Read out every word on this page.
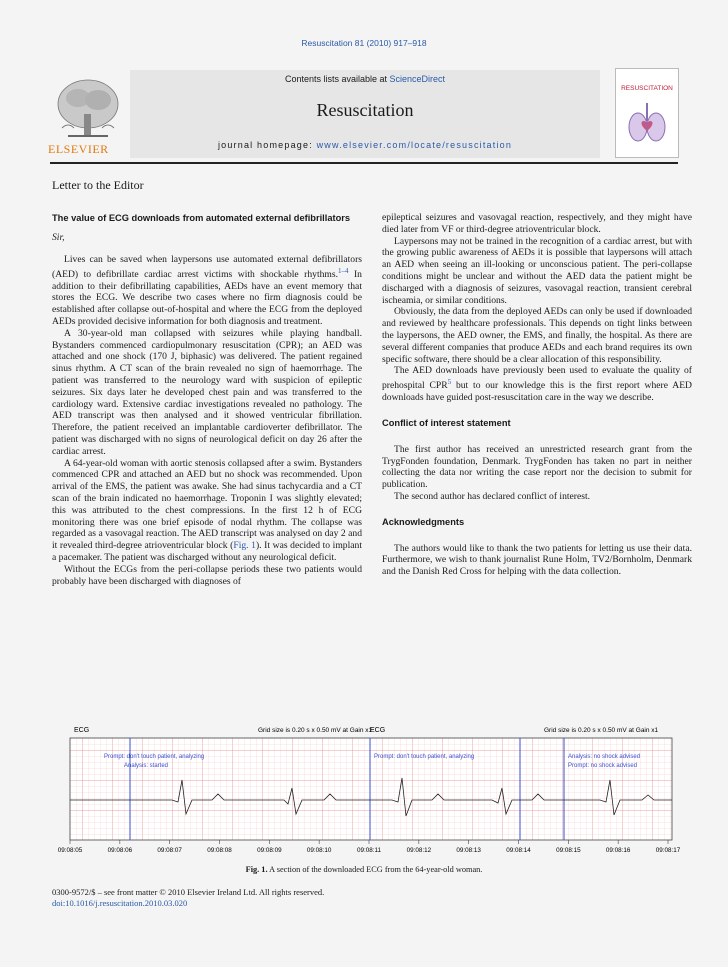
Resuscitation 81 (2010) 917–918
Contents lists available at ScienceDirect
Resuscitation
journal homepage: www.elsevier.com/locate/resuscitation
ELSEVIER
RESUSCITATION
Letter to the Editor

The value of ECG downloads from automated external defibrillators

Sir,

Lives can be saved when laypersons use automated external defibrillators (AED) to defibrillate cardiac arrest victims with shockable rhythms.$^{1-4}$ In addition to their defibrillating capabilities, AEDs have an event memory that stores the ECG. We describe two cases where no firm diagnosis could be established after collapse out-of-hospital and where the ECG from the deployed AEDs provided decisive information for both diagnosis and treatment.

A 30-year-old man collapsed with seizures while playing handball. Bystanders commenced cardiopulmonary resuscitation (CPR); an AED was attached and one shock (170 J, biphasic) was delivered. The patient regained sinus rhythm. A CT scan of the brain revealed no sign of haemorrhage. The patient was transferred to the neurology ward with suspicion of epileptic seizures. Six days later he developed chest pain and was transferred to the cardiology ward. Extensive cardiac investigations revealed no pathology. The AED transcript was then analysed and it showed ventricular fibrillation. Therefore, the patient received an implantable cardioverter defibrillator. The patient was discharged with no signs of neurological deficit on day 26 after the cardiac arrest.

A 64-year-old woman with aortic stenosis collapsed after a swim. Bystanders commenced CPR and attached an AED but no shock was recommended. Upon arrival of the EMS, the patient was awake. She had sinus tachycardia and a CT scan of the brain indicated no haemorrhage. Troponin I was slightly elevated; this was attributed to the chest compressions. In the first 12 h of ECG monitoring there was one brief episode of nodal rhythm. The collapse was regarded as a vasovagal reaction. The AED transcript was analysed on day 2 and it revealed third-degree atrioventricular block (Fig. 1). It was decided to implant a pacemaker. The patient was discharged without any neurological deficit.

Without the ECGs from the peri-collapse periods these two patients would probably have been discharged with diagnoses of

epileptical seizures and vasovagal reaction, respectively, and they might have died later from VF or third-degree atrioventricular block.

Laypersons may not be trained in the recognition of a cardiac arrest, but with the growing public awareness of AEDs it is possible that laypersons will attach an AED when seeing an ill-looking or unconscious patient. The peri-collapse conditions might be unclear and without the AED data the patient might be discharged with a diagnosis of seizures, vasovagal reaction, transient cerebral ischeamia, or similar conditions.

Obviously, the data from the deployed AEDs can only be used if downloaded and reviewed by healthcare professionals. This depends on tight links between the laypersons, the AED owner, the EMS, and finally, the hospital. As there are several different companies that produce AEDs and each brand requires its own specific software, there should be a clear allocation of this responsibility.

The AED downloads have previously been used to evaluate the quality of prehospital CPR$^5$ but to our knowledge this is the first report where AED downloads have guided post-resuscitation care in the way we describe.

Conflict of interest statement

The first author has received an unrestricted research grant from the TrygFonden foundation, Denmark. TrygFonden has taken no part in neither collecting the data nor writing the case report nor the decision to submit for publication.

The second author has declared conflict of interest.

Acknowledgments

The authors would like to thank the two patients for letting us use their data. Furthermore, we wish to thank journalist Rune Holm, TV2/Bornholm, Denmark and the Danish Red Cross for helping with the data collection.

ECG	Grid size is 0.20 s x 0.50 mV at Gain x1
ECG	Grid size is 0.20 s x 0.50 mV at Gain x1
Prompt: don't touch patient, analyzing
Analysis: started
Prompt: don't touch patient, analyzing	Analysis: no shock advised
Prompt: no shock advised
09:08:05	09:08:06	09:08:07	09:08:08	09:08:09	09:08:10	09:08:11	09:08:12	09:08:13	09:08:14	09:08:15	09:08:16	09:08:17
Fig. 1. A section of the downloaded ECG from the 64-year-old woman.
0300-9572/$ – see front matter © 2010 Elsevier Ireland Ltd. All rights reserved.
doi:10.1016/j.resuscitation.2010.03.020
